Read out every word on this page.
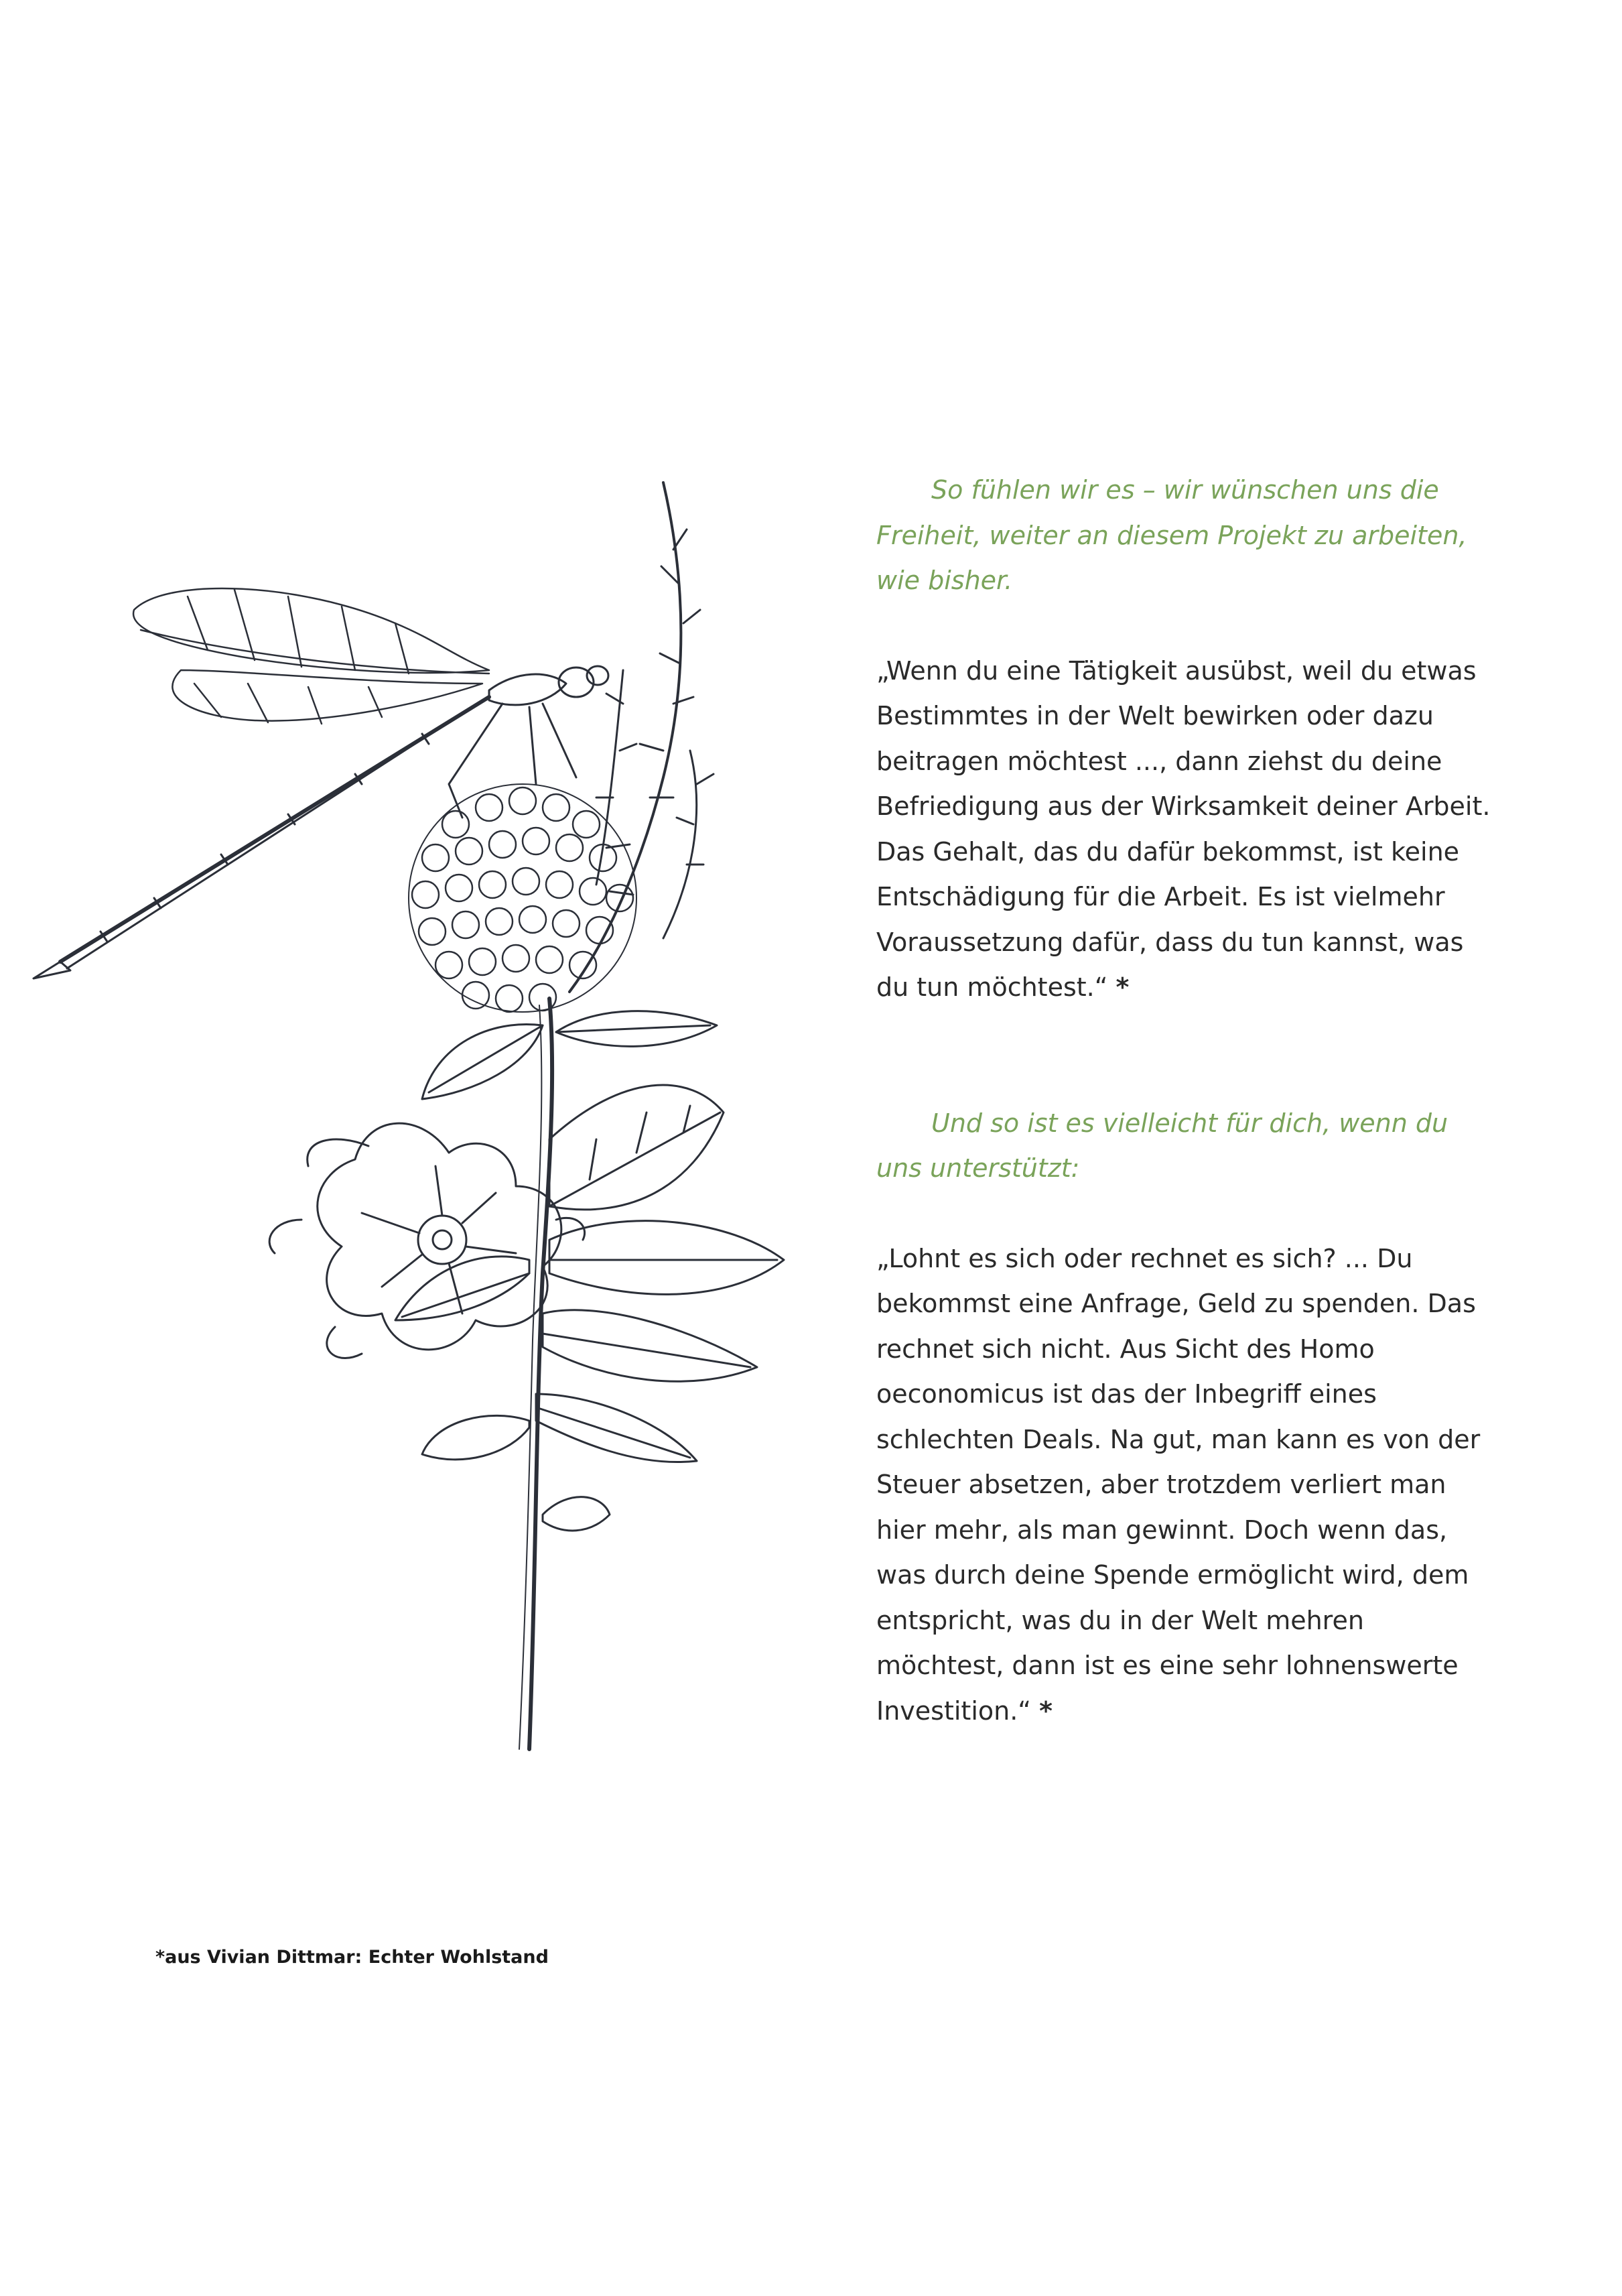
So fühlen wir es – wir wünschen uns die Freiheit, weiter an diesem Projekt zu arbeiten, wie bisher.

„Wenn du eine Tätigkeit ausübst, weil du etwas Bestimmtes in der Welt bewirken oder dazu beitragen möchtest ..., dann ziehst du deine Befriedigung aus der Wirksamkeit deiner Arbeit. Das Gehalt, das du dafür bekommst, ist keine Entschädigung für die Arbeit. Es ist vielmehr Voraussetzung dafür, dass du tun kannst, was du tun möchtest.“ *

Und so ist es vielleicht für dich, wenn du uns unterstützt:

„Lohnt es sich oder rechnet es sich? ... Du bekommst eine Anfrage, Geld zu spenden. Das rechnet sich nicht. Aus Sicht des Homo oeconomicus ist das der Inbegriff eines schlechten Deals. Na gut, man kann es von der Steuer absetzen, aber trotzdem verliert man hier mehr, als man gewinnt. Doch wenn das, was durch deine Spende ermöglicht wird, dem entspricht, was du in der Welt mehren möchtest, dann ist es eine sehr lohnenswerte Investition.“ *

*aus Vivian Dittmar: Echter Wohlstand
